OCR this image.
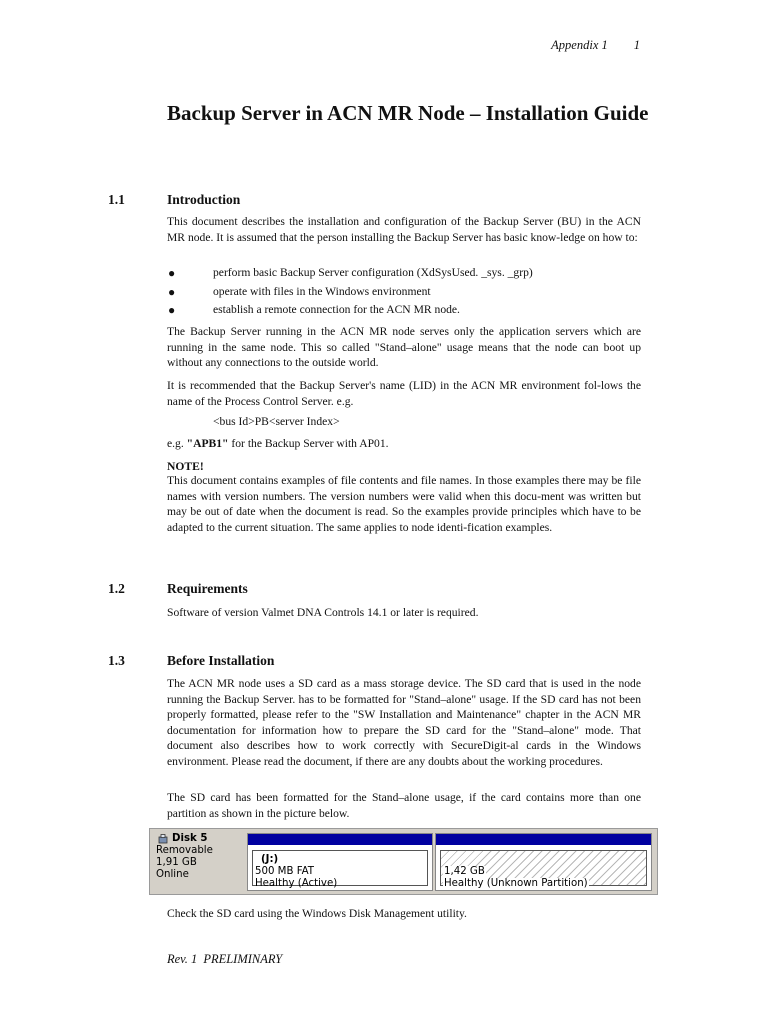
Appendix 1 1
Backup Server in ACN MR Node – Installation Guide
1.1	Introduction
This document describes the installation and configuration of the Backup Server (BU) in the ACN MR node. It is assumed that the person installing the Backup Server has basic know-ledge on how to:
●	perform basic Backup Server configuration (XdSysUsed. _sys. _grp)
●	operate with files in the Windows environment
●	establish a remote connection for the ACN MR node.
The Backup Server running in the ACN MR node serves only the application servers which are running in the same node. This so called "Stand–alone" usage means that the node can boot up without any connections to the outside world.
It is recommended that the Backup Server's name (LID) in the ACN MR environment fol-lows the name of the Process Control Server. e.g.
<bus Id>PB<server Index>
e.g. "APB1" for the Backup Server with AP01.
NOTE!
This document contains examples of file contents and file names. In those examples there may be file names with version numbers. The version numbers were valid when this docu-ment was written but may be out of date when the document is read. So the examples provide principles which have to be adapted to the current situation. The same applies to node identi-fication examples.
1.2	Requirements
Software of version Valmet DNA Controls 14.1 or later is required.
1.3	Before Installation
The ACN MR node uses a SD card as a mass storage device. The SD card that is used in the node running the Backup Server. has to be formatted for "Stand–alone" usage. If the SD card has not been properly formatted, please refer to the "SW Installation and Maintenance" chapter in the ACN MR documentation for information how to prepare the SD card for the "Stand–alone" mode. That document also describes how to work correctly with SecureDigit-al cards in the Windows environment. Please read the document, if there are any doubts about the working procedures.
The SD card has been formatted for the Stand–alone usage, if the card contains more than one partition as shown in the picture below.
Disk 5
Removable
1,91 GB
Online
(J:)
500 MB FAT
Healthy (Active)
1,42 GB
Healthy (Unknown Partition)
Check the SD card using the Windows Disk Management utility.
Rev. 1 PRELIMINARY
